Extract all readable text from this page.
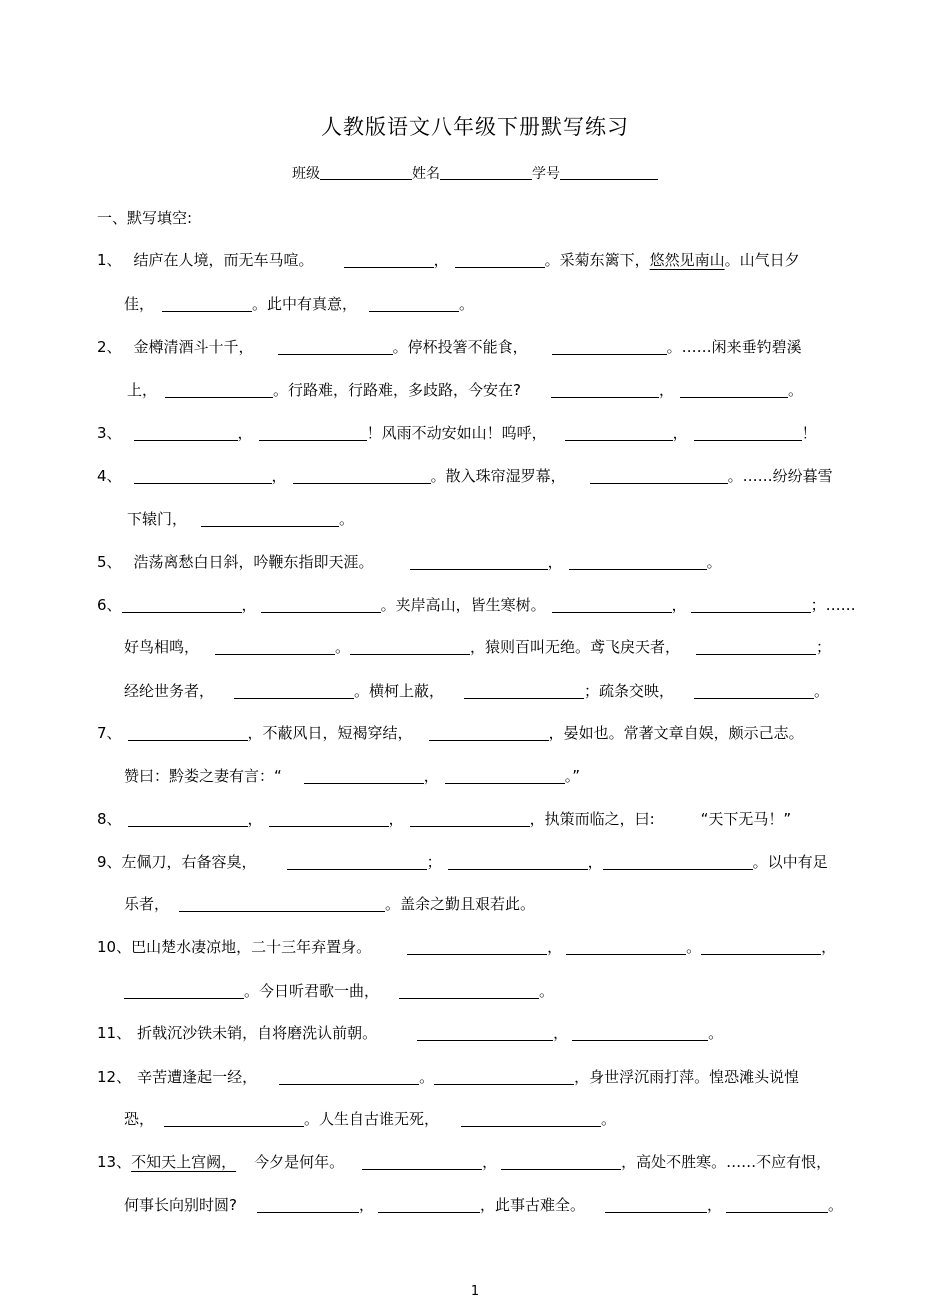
人教版语文八年级下册默写练习
班级	姓名	学号
一、默写填空:
1、 结庐在人境，而无车马喧。	，	。采菊东篱下，悠然见南山。山气日夕
佳，	。此中有真意，	。
2、 金樽清酒斗十千，	。停杯投箸不能食，	。……闲来垂钓碧溪
上，	。行路难，行路难，多歧路，今安在?	，	。
3、	，	！风雨不动安如山！呜呼，	，	！
4、	，	。散入珠帘湿罗幕，	。……纷纷暮雪
下辕门，	。
5、 浩荡离愁白日斜，吟鞭东指即天涯。	，	。
6、	，	。夹岸高山，皆生寒树。	，	；……
好鸟相鸣，	。	，猿则百叫无绝。鸢飞戾天者，	；
经纶世务者，	。横柯上蔽，	；疏条交映，	。
7、	，不蔽风日，短褐穿结，	，晏如也。常著文章自娱，颇示己志。
赞曰：黔娄之妻有言：“	，	。”
8、	，	，	，执策而临之，曰:	“天下无马！”
9、左佩刀，右备容臭，	；	，	。以中有足
乐者，	。盖余之勤且艰若此。
10、巴山楚水凄凉地，二十三年弃置身。	，	。	，
。今日听君歌一曲，	。
11、 折戟沉沙铁未销，自将磨洗认前朝。	，	。
12、 辛苦遭逢起一经，	。	，身世浮沉雨打萍。惶恐滩头说惶
恐，	。人生自古谁无死，	。
13、不知天上宫阙， 今夕是何年。	，	，高处不胜寒。……不应有恨，
何事长向别时圆?	，	，此事古难全。	，	。
1
